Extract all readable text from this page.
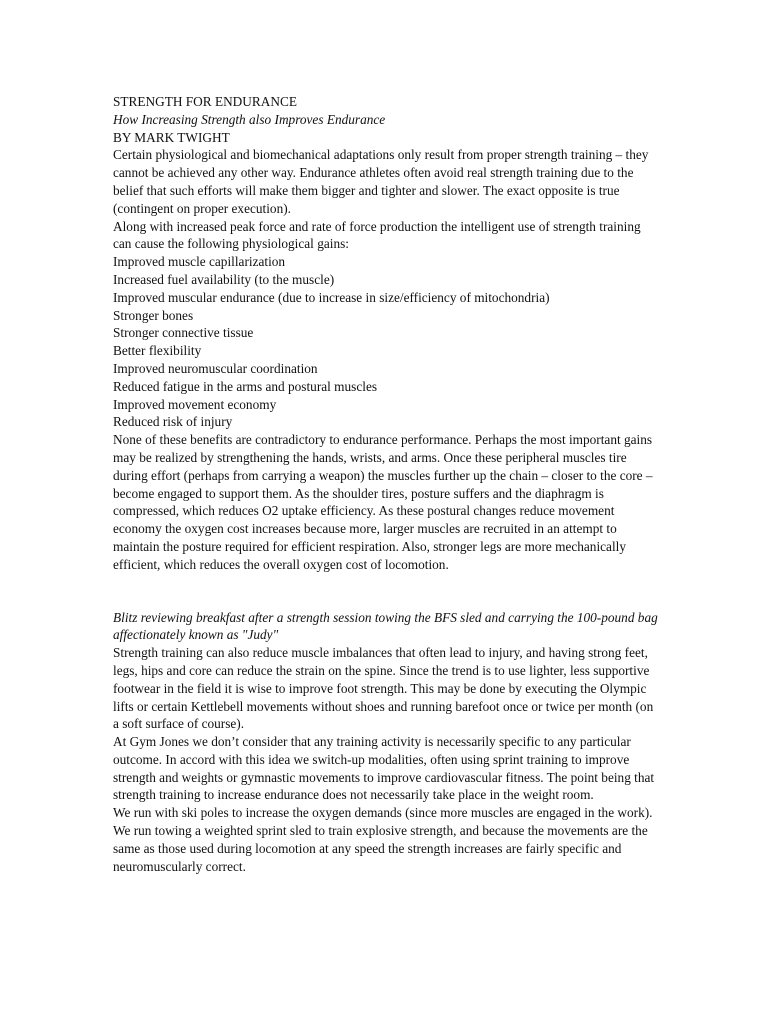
STRENGTH FOR ENDURANCE

How Increasing Strength also Improves Endurance

BY MARK TWIGHT

Certain physiological and biomechanical adaptations only result from proper strength training – they cannot be achieved any other way. Endurance athletes often avoid real strength training due to the belief that such efforts will make them bigger and tighter and slower. The exact opposite is true (contingent on proper execution).

Along with increased peak force and rate of force production the intelligent use of strength training can cause the following physiological gains:

Improved muscle capillarization

Increased fuel availability (to the muscle)

Improved muscular endurance (due to increase in size/efficiency of mitochondria)

Stronger bones

Stronger connective tissue

Better flexibility

Improved neuromuscular coordination

Reduced fatigue in the arms and postural muscles

Improved movement economy

Reduced risk of injury

None of these benefits are contradictory to endurance performance. Perhaps the most important gains may be realized by strengthening the hands, wrists, and arms. Once these peripheral muscles tire during effort (perhaps from carrying a weapon) the muscles further up the chain – closer to the core – become engaged to support them. As the shoulder tires, posture suffers and the diaphragm is compressed, which reduces O2 uptake efficiency. As these postural changes reduce movement economy the oxygen cost increases because more, larger muscles are recruited in an attempt to maintain the posture required for efficient respiration. Also, stronger legs are more mechanically efficient, which reduces the overall oxygen cost of locomotion.

Blitz reviewing breakfast after a strength session towing the BFS sled and carrying the 100-pound bag affectionately known as "Judy"

Strength training can also reduce muscle imbalances that often lead to injury, and having strong feet, legs, hips and core can reduce the strain on the spine. Since the trend is to use lighter, less supportive footwear in the field it is wise to improve foot strength. This may be done by executing the Olympic lifts or certain Kettlebell movements without shoes and running barefoot once or twice per month (on a soft surface of course).

At Gym Jones we don’t consider that any training activity is necessarily specific to any particular outcome. In accord with this idea we switch-up modalities, often using sprint training to improve strength and weights or gymnastic movements to improve cardiovascular fitness. The point being that strength training to increase endurance does not necessarily take place in the weight room.

We run with ski poles to increase the oxygen demands (since more muscles are engaged in the work). We run towing a weighted sprint sled to train explosive strength, and because the movements are the same as those used during locomotion at any speed the strength increases are fairly specific and neuromuscularly correct.
